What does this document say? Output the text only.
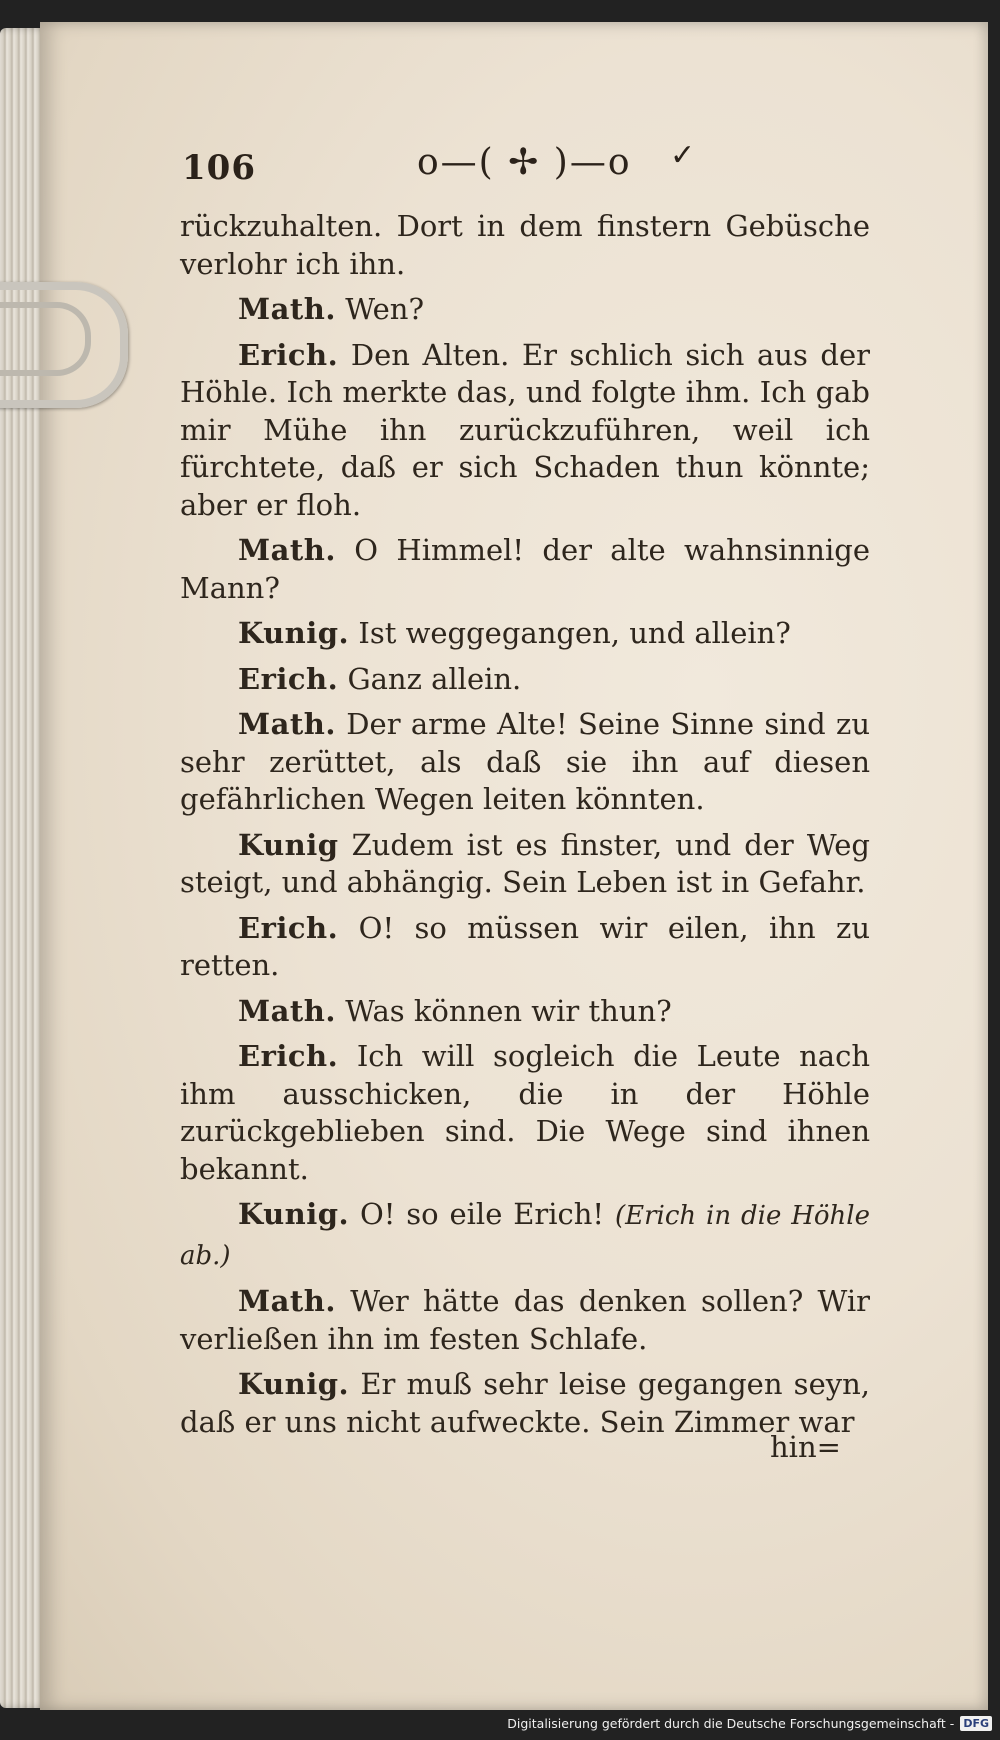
106	o—( ✢ )—o ✓

rückzuhalten. Dort in dem finstern Gebüsche verlohr ich ihn.

Math. Wen?

Erich. Den Alten. Er schlich sich aus der Höhle. Ich merkte das, und folgte ihm. Ich gab mir Mühe ihn zurückzuführen, weil ich fürchtete, daß er sich Schaden thun könnte; aber er floh.

Math. O Himmel! der alte wahnsinnige Mann?

Kunig. Ist weggegangen, und allein?

Erich. Ganz allein.

Math. Der arme Alte! Seine Sinne sind zu sehr zerüttet, als daß sie ihn auf diesen gefährlichen Wegen leiten könnten.

Kunig Zudem ist es finster, und der Weg steigt, und abhängig. Sein Leben ist in Gefahr.

Erich. O! so müssen wir eilen, ihn zu retten.

Math. Was können wir thun?

Erich. Ich will sogleich die Leute nach ihm ausschicken, die in der Höhle zurückgeblieben sind. Die Wege sind ihnen bekannt.

Kunig. O! so eile Erich! (Erich in die Höhle ab.)

Math. Wer hätte das denken sollen? Wir verließen ihn im festen Schlafe.

Kunig. Er muß sehr leise gegangen seyn, daß er uns nicht aufweckte. Sein Zimmer war

hin=
Digitalisierung gefördert durch die Deutsche Forschungsgemeinschaft - DFG
